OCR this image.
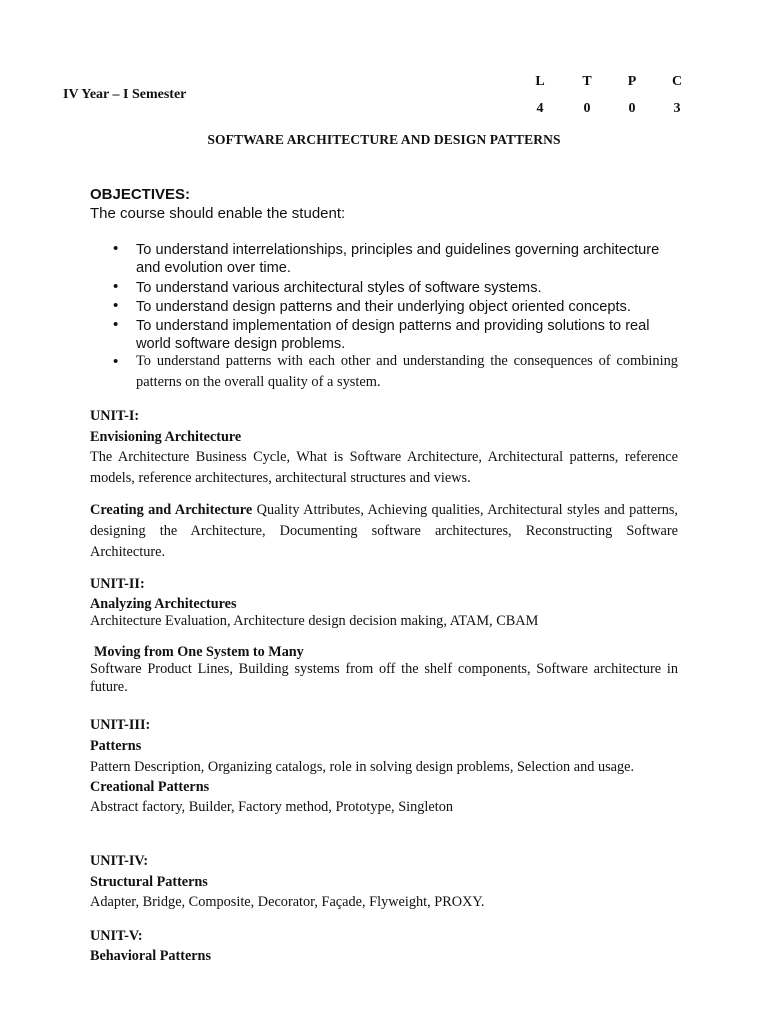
IV Year – I Semester
L	T	P	C
4	0	0	3
SOFTWARE ARCHITECTURE AND DESIGN PATTERNS
OBJECTIVES:
The course should enable the student:
• To understand interrelationships, principles and guidelines governing architecture and evolution over time.
• To understand various architectural styles of software systems.
• To understand design patterns and their underlying object oriented concepts.
• To understand implementation of design patterns and providing solutions to real world software design problems.
• To understand patterns with each other and understanding the consequences of combining patterns on the overall quality of a system.
UNIT-I:
Envisioning Architecture
The Architecture Business Cycle, What is Software Architecture, Architectural patterns, reference models, reference architectures, architectural structures and views.
Creating and Architecture Quality Attributes, Achieving qualities, Architectural styles and patterns, designing the Architecture, Documenting software architectures, Reconstructing Software Architecture.
UNIT-II:
Analyzing Architectures
Architecture Evaluation, Architecture design decision making, ATAM, CBAM
Moving from One System to Many
Software Product Lines, Building systems from off the shelf components, Software architecture in future.
UNIT-III:
Patterns
Pattern Description, Organizing catalogs, role in solving design problems, Selection and usage.
Creational Patterns
Abstract factory, Builder, Factory method, Prototype, Singleton
UNIT-IV:
Structural Patterns
Adapter, Bridge, Composite, Decorator, Façade, Flyweight, PROXY.
UNIT-V:
Behavioral Patterns
